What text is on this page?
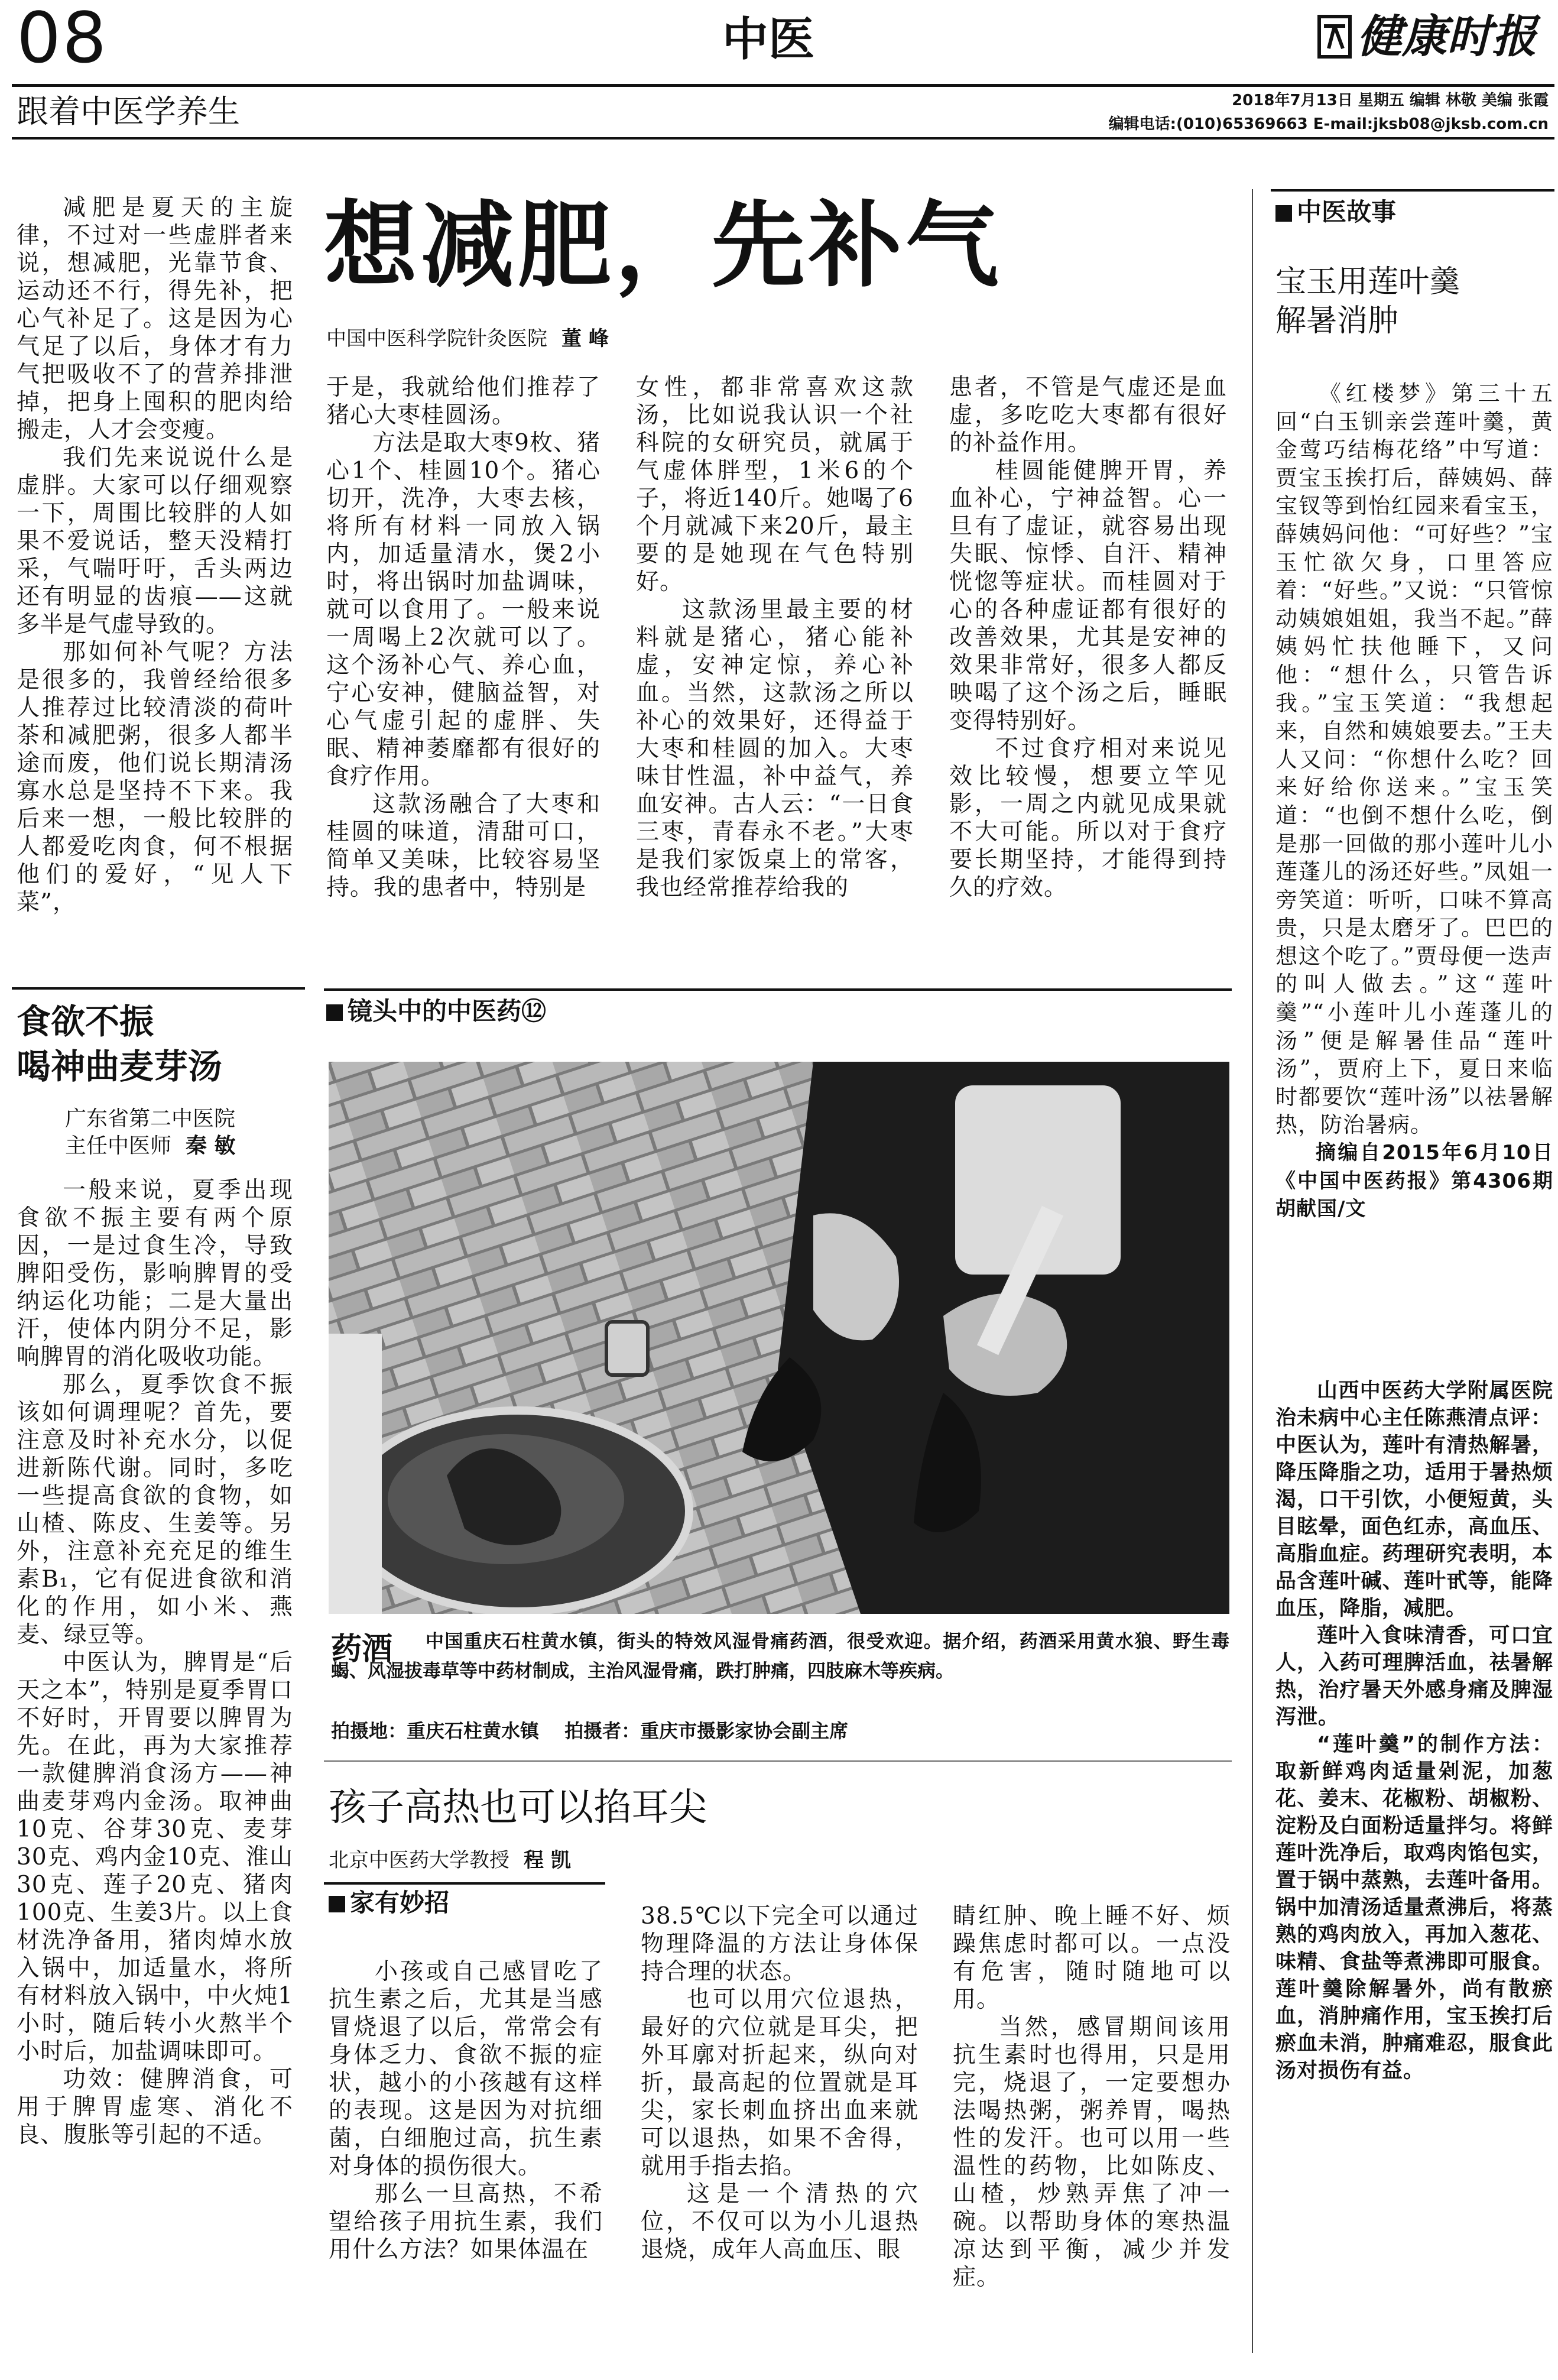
08	中医	健康时报
跟着中医学养生	2018年7月13日 星期五 编辑 林敬 美编 张霞
编辑电话:(010)65369663 E-mail:jksb08@jksb.com.cn
想减肥，先补气
中国中医科学院针灸医院 董 峰

减肥是夏天的主旋律，不过对一些虚胖者来说，想减肥，光靠节食、运动还不行，得先补，把心气补足了。这是因为心气足了以后，身体才有力气把吸收不了的营养排泄掉，把身上囤积的肥肉给搬走，人才会变瘦。

我们先来说说什么是虚胖。大家可以仔细观察一下，周围比较胖的人如果不爱说话，整天没精打采，气喘吁吁，舌头两边还有明显的齿痕——这就多半是气虚导致的。

那如何补气呢？方法是很多的，我曾经给很多人推荐过比较清淡的荷叶茶和减肥粥，很多人都半途而废，他们说长期清汤寡水总是坚持不下来。我后来一想，一般比较胖的人都爱吃肉食，何不根据他们的爱好，“见人下菜”，

于是，我就给他们推荐了猪心大枣桂圆汤。

方法是取大枣9枚、猪心1个、桂圆10个。猪心切开，洗净，大枣去核，将所有材料一同放入锅内，加适量清水，煲2小时，将出锅时加盐调味，就可以食用了。一般来说一周喝上2次就可以了。这个汤补心气、养心血，宁心安神，健脑益智，对心气虚引起的虚胖、失眠、精神萎靡都有很好的食疗作用。

这款汤融合了大枣和桂圆的味道，清甜可口，简单又美味，比较容易坚持。我的患者中，特别是

女性，都非常喜欢这款汤，比如说我认识一个社科院的女研究员，就属于气虚体胖型，1米6的个子，将近140斤。她喝了6个月就减下来20斤，最主要的是她现在气色特别好。

这款汤里最主要的材料就是猪心，猪心能补虚，安神定惊，养心补血。当然，这款汤之所以补心的效果好，还得益于大枣和桂圆的加入。大枣味甘性温，补中益气，养血安神。古人云：“一日食三枣，青春永不老。”大枣是我们家饭桌上的常客，我也经常推荐给我的

患者，不管是气虚还是血虚，多吃吃大枣都有很好的补益作用。

桂圆能健脾开胃，养血补心，宁神益智。心一旦有了虚证，就容易出现失眠、惊悸、自汗、精神恍惚等症状。而桂圆对于心的各种虚证都有很好的改善效果，尤其是安神的效果非常好，很多人都反映喝了这个汤之后，睡眠变得特别好。

不过食疗相对来说见效比较慢，想要立竿见影，一周之内就见成果就不大可能。所以对于食疗要长期坚持，才能得到持久的疗效。

食欲不振
喝神曲麦芽汤
广东省第二中医院
主任中医师 秦 敏

一般来说，夏季出现食欲不振主要有两个原因，一是过食生冷，导致脾阳受伤，影响脾胃的受纳运化功能；二是大量出汗，使体内阴分不足，影响脾胃的消化吸收功能。

那么，夏季饮食不振该如何调理呢？首先，要注意及时补充水分，以促进新陈代谢。同时，多吃一些提高食欲的食物，如山楂、陈皮、生姜等。另外，注意补充充足的维生素B₁，它有促进食欲和消化的作用，如小米、燕麦、绿豆等。

中医认为，脾胃是“后天之本”，特别是夏季胃口不好时，开胃要以脾胃为先。在此，再为大家推荐一款健脾消食汤方——神曲麦芽鸡内金汤。取神曲10克、谷芽30克、麦芽30克、鸡内金10克、淮山30克、莲子20克、猪肉100克、生姜3片。以上食材洗净备用，猪肉焯水放入锅中，加适量水，将所有材料放入锅中，中火炖1小时，随后转小火熬半个小时后，加盐调味即可。

功效：健脾消食，可用于脾胃虚寒、消化不良、腹胀等引起的不适。

镜头中的中医药⑫
药酒	中国重庆石柱黄水镇，街头的特效风湿骨痛药酒，很受欢迎。据介绍，药酒采用黄水狼、野生毒蝎、风湿拔毒草等中药材制成，主治风湿骨痛，跌打肿痛，四肢麻木等疾病。
拍摄地：重庆石柱黄水镇 拍摄者：重庆市摄影家协会副主席
孩子高热也可以掐耳尖
北京中医药大学教授 程 凯
家有妙招

小孩或自己感冒吃了抗生素之后，尤其是当感冒烧退了以后，常常会有身体乏力、食欲不振的症状，越小的小孩越有这样的表现。这是因为对抗细菌，白细胞过高，抗生素对身体的损伤很大。

那么一旦高热，不希望给孩子用抗生素，我们用什么方法？如果体温在

38.5℃以下完全可以通过物理降温的方法让身体保持合理的状态。

也可以用穴位退热，最好的穴位就是耳尖，把外耳廓对折起来，纵向对折，最高起的位置就是耳尖，家长刺血挤出血来就可以退热，如果不舍得，就用手指去掐。

这是一个清热的穴位，不仅可以为小儿退热退烧，成年人高血压、眼

睛红肿、晚上睡不好、烦躁焦虑时都可以。一点没有危害，随时随地可以用。

当然，感冒期间该用抗生素时也得用，只是用完，烧退了，一定要想办法喝热粥，粥养胃，喝热性的发汗。也可以用一些温性的药物，比如陈皮、山楂，炒熟弄焦了冲一碗。以帮助身体的寒热温凉达到平衡，减少并发症。

中医故事
宝玉用莲叶羹
解暑消肿

《红楼梦》第三十五回“白玉钏亲尝莲叶羹，黄金莺巧结梅花络”中写道：贾宝玉挨打后，薛姨妈、薛宝钗等到怡红园来看宝玉，薛姨妈问他：“可好些？”宝玉忙欲欠身，口里答应着：“好些。”又说：“只管惊动姨娘姐姐，我当不起。”薛姨妈忙扶他睡下，又问他：“想什么，只管告诉我。”宝玉笑道：“我想起来，自然和姨娘要去。”王夫人又问：“你想什么吃？回来好给你送来。”宝玉笑道：“也倒不想什么吃，倒是那一回做的那小莲叶儿小莲蓬儿的汤还好些。”凤姐一旁笑道：听听，口味不算高贵，只是太磨牙了。巴巴的想这个吃了。”贾母便一迭声的叫人做去。”这“莲叶羹”“小莲叶儿小莲蓬儿的汤”便是解暑佳品“莲叶汤”，贾府上下，夏日来临时都要饮“莲叶汤”以祛暑解热，防治暑病。

摘编自2015年6月10日《中国中医药报》第4306期 胡献国/文

山西中医药大学附属医院治未病中心主任陈燕清点评：

中医认为，莲叶有清热解暑，降压降脂之功，适用于暑热烦渴，口干引饮，小便短黄，头目眩晕，面色红赤，高血压、高脂血症。药理研究表明，本品含莲叶碱、莲叶甙等，能降血压，降脂，减肥。

莲叶入食味清香，可口宜人，入药可理脾活血，祛暑解热，治疗暑天外感身痛及脾湿泻泄。

“莲叶羹”的制作方法：取新鲜鸡肉适量剁泥，加葱花、姜末、花椒粉、胡椒粉、淀粉及白面粉适量拌匀。将鲜莲叶洗净后，取鸡肉馅包实，置于锅中蒸熟，去莲叶备用。锅中加清汤适量煮沸后，将蒸熟的鸡肉放入，再加入葱花、味精、食盐等煮沸即可服食。莲叶羹除解暑外，尚有散瘀血，消肿痛作用，宝玉挨打后瘀血未消，肿痛难忍，服食此汤对损伤有益。
